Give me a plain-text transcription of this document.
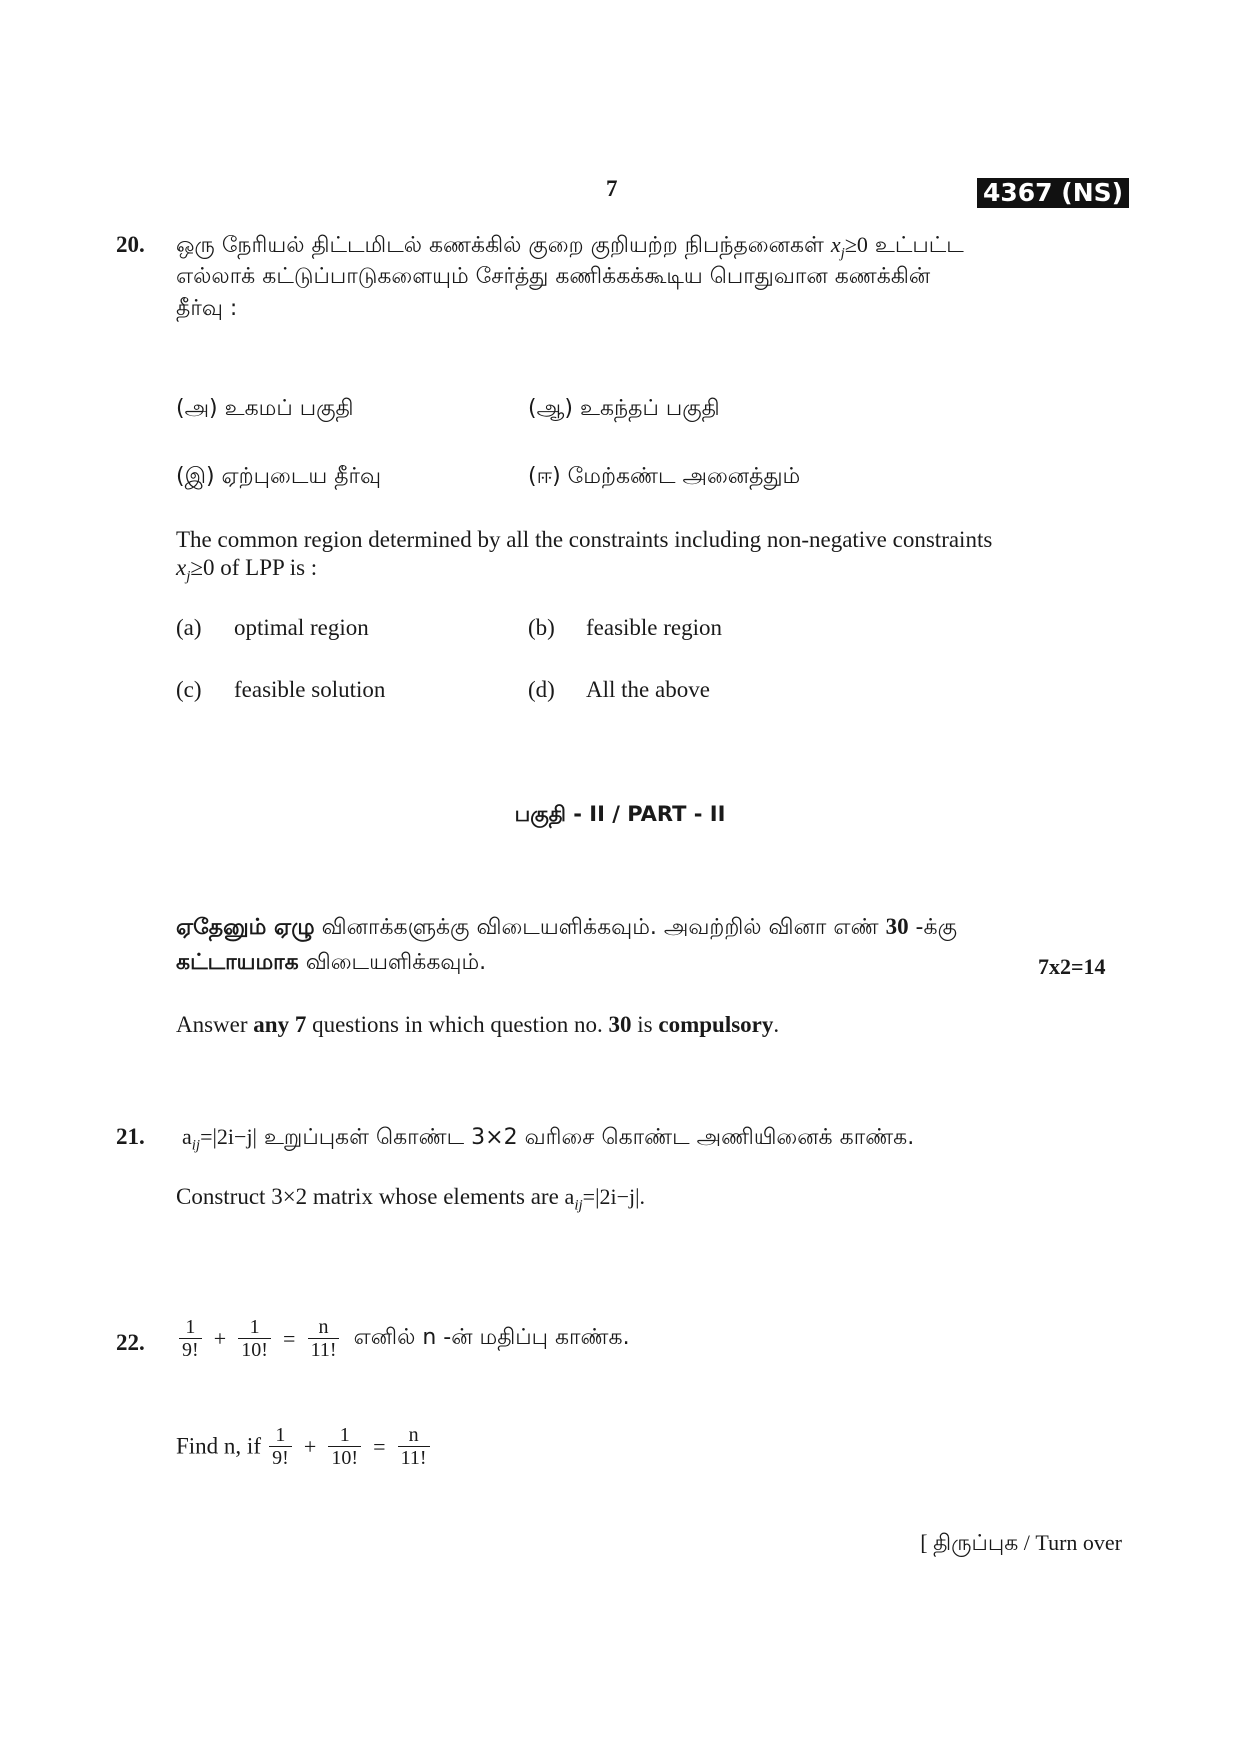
7	4367 (NS)
20. ஒரு நேரியல் திட்டமிடல் கணக்கில் குறை குறியற்ற நிபந்தனைகள் $x_j\ge 0$ உட்பட்ட
எல்லாக் கட்டுப்பாடுகளையும் சேர்த்து கணிக்கக்கூடிய பொதுவான கணக்கின்
தீர்வு :
(அ) உகமப் பகுதி	(ஆ) உகந்தப் பகுதி
(இ) ஏற்புடைய தீர்வு	(ஈ) மேற்கண்ட அனைத்தும்
The common region determined by all the constraints including non-negative constraints
$x_j\ge 0$ of LPP is :
(a) optimal region	(b) feasible region
(c) feasible solution	(d) All the above
பகுதி - II / PART - II
ஏதேனும் ஏழு வினாக்களுக்கு விடையளிக்கவும். அவற்றில் வினா எண் 30 -க்கு
கட்டாயமாக விடையளிக்கவும்.	7x2=14
Answer any 7 questions in which question no. 30 is compulsory.
21. $a_{ij}=|2i-j|$ உறுப்புகள் கொண்ட 3×2 வரிசை கொண்ட அணியினைக் காண்க.
Construct 3×2 matrix whose elements are $a_{ij}=|2i-j|$.
22. $\frac{1}{9!} + \frac{1}{10!} = \frac{n}{11!}$ எனில் n -ன் மதிப்பு காண்க.
Find n, if $\frac{1}{9!} + \frac{1}{10!} = \frac{n}{11!}$
[ திருப்புக / Turn over
